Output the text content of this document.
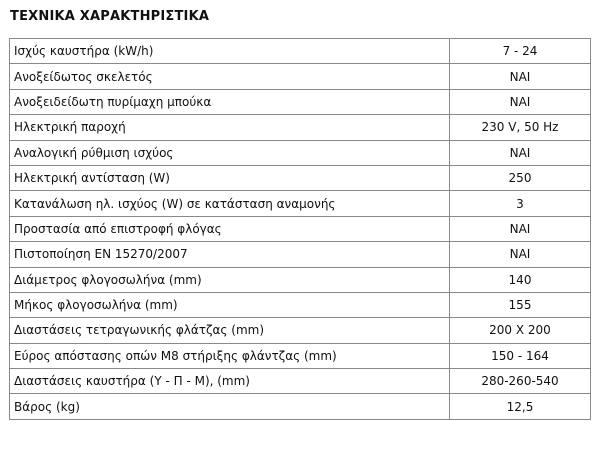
ΤΕΧΝΙΚΑ ΧΑΡΑΚΤΗΡΙΣΤΙΚΑ
Ισχύς καυστήρα (kW/h)	7 - 24
Ανοξείδωτος σκελετός	ΝΑΙ
Ανοξειδείδωτη πυρίμαχη μπούκα	ΝΑΙ
Ηλεκτρική παροχή	230 V, 50 Hz
Αναλογική ρύθμιση ισχύος	ΝΑΙ
Ηλεκτρική αντίσταση (W)	250
Κατανάλωση ηλ. ισχύος (W) σε κατάσταση αναμονής	3
Προστασία από επιστροφή φλόγας	ΝΑΙ
Πιστοποίηση EN 15270/2007	ΝΑΙ
Διάμετρος φλογοσωλήνα (mm)	140
Μήκος φλογοσωλήνα (mm)	155
Διαστάσεις τετραγωνικής φλάτζας (mm)	200 X 200
Εύρος απόστασης οπών M8 στήριξης φλάντζας (mm)	150 - 164
Διαστάσεις καυστήρα (Υ - Π - Μ), (mm)	280-260-540
Βάρος (kg)	12,5
